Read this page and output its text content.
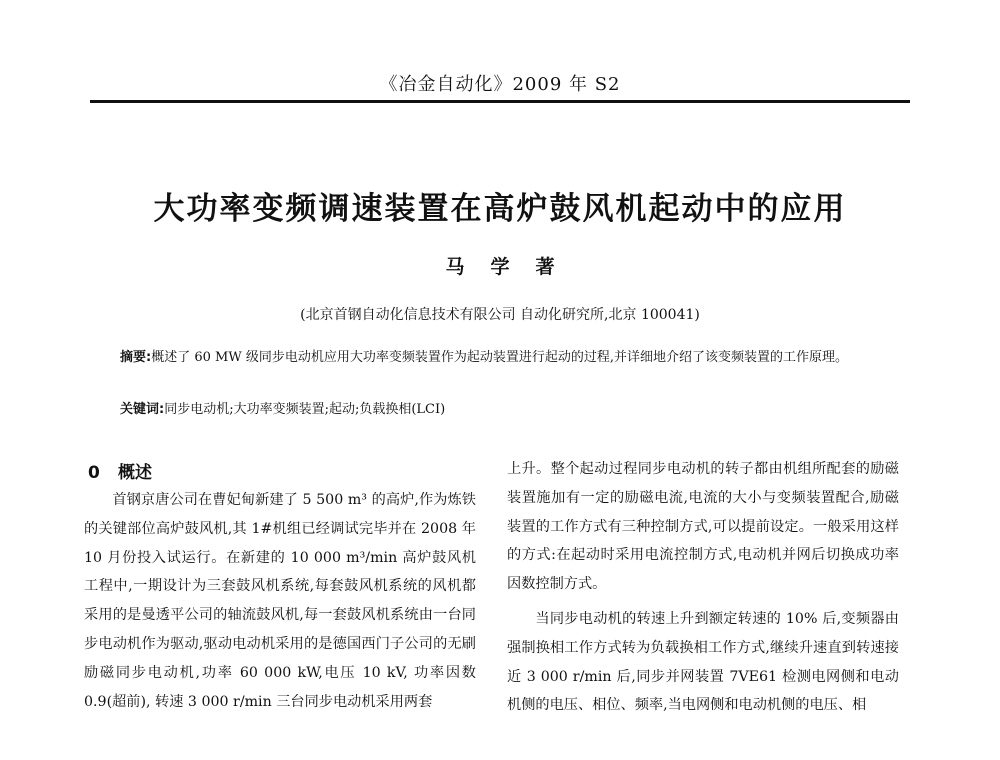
《冶金自动化》2009 年 S2
大功率变频调速装置在高炉鼓风机起动中的应用
马学著
(北京首钢自动化信息技术有限公司 自动化研究所,北京 100041)
摘要:概述了 60 MW 级同步电动机应用大功率变频装置作为起动装置进行起动的过程,并详细地介绍了该变频装置的工作原理。
关键词:同步电动机;大功率变频装置;起动;负载换相(LCI)
0 概述

首钢京唐公司在曹妃甸新建了 5 500 m³ 的高炉,作为炼铁的关键部位高炉鼓风机,其 1#机组已经调试完毕并在 2008 年 10 月份投入试运行。在新建的 10 000 m³/min 高炉鼓风机工程中,一期设计为三套鼓风机系统,每套鼓风机系统的风机都采用的是曼透平公司的轴流鼓风机,每一套鼓风机系统由一台同步电动机作为驱动,驱动电动机采用的是德国西门子公司的无刷励磁同步电动机,功率 60 000 kW,电压 10 kV, 功率因数 0.9(超前), 转速 3 000 r/min 三台同步电动机采用两套

上升。整个起动过程同步电动机的转子都由机组所配套的励磁装置施加有一定的励磁电流,电流的大小与变频装置配合,励磁装置的工作方式有三种控制方式,可以提前设定。一般采用这样的方式:在起动时采用电流控制方式,电动机并网后切换成功率因数控制方式。

当同步电动机的转速上升到额定转速的 10% 后,变频器由强制换相工作方式转为负载换相工作方式,继续升速直到转速接近 3 000 r/min 后,同步并网装置 7VE61 检测电网侧和电动机侧的电压、相位、频率,当电网侧和电动机侧的电压、相
